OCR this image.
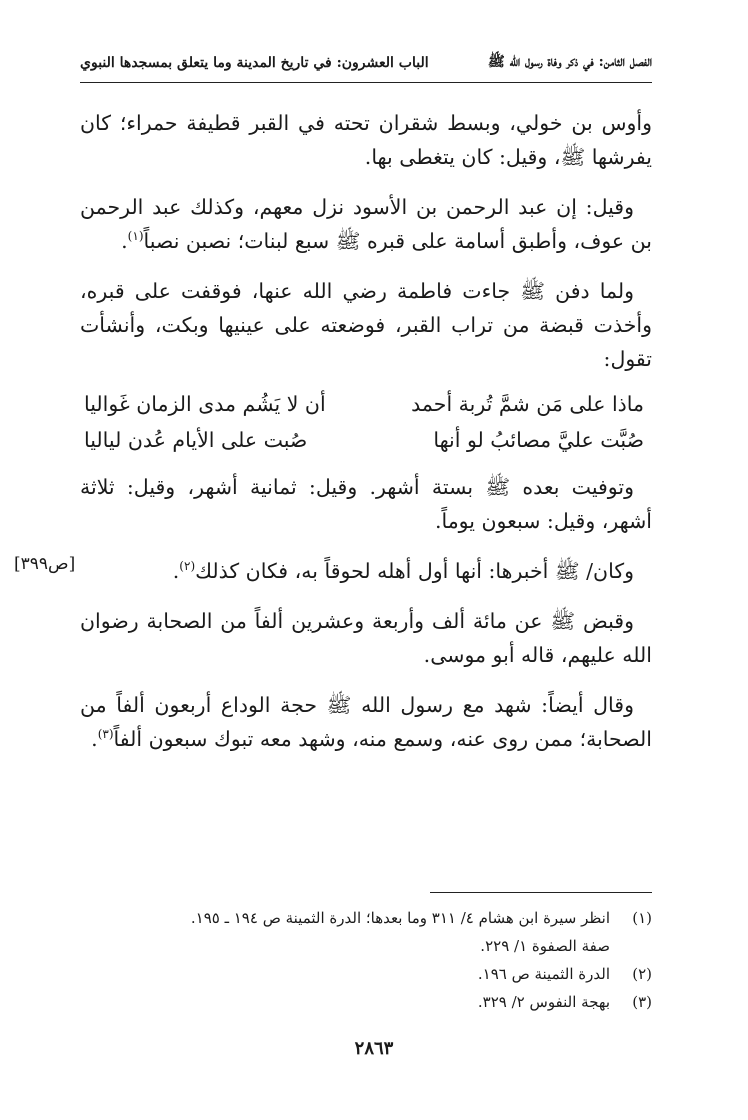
الفصل الثامن: في ذكر وفاة رسول الله ﷺ
الباب العشرون: في تاريخ المدينة وما يتعلق بمسجدها النبوي

وأوس بن خولي، وبسط شقران تحته في القبر قطيفة حمراء؛ كان يفرشها ﷺ، وقيل: كان يتغطى بها.

وقيل: إن عبد الرحمن بن الأسود نزل معهم، وكذلك عبد الرحمن بن عوف، وأطبق أسامة على قبره ﷺ سبع لبنات؛ نصبن نصباً$^{(١)}$.

ولما دفن ﷺ جاءت فاطمة رضي الله عنها، فوقفت على قبره، وأخذت قبضة من تراب القبر، فوضعته على عينيها وبكت، وأنشأت تقول:

ماذا على مَن شمَّ تُربة أحمد
أن لا يَشُم مدى الزمان غَواليا
صُبَّت عليَّ مصائبُ لو أنها
صُبت على الأيام عُدن لياليا

وتوفيت بعده ﷺ بستة أشهر. وقيل: ثمانية أشهر، وقيل: ثلاثة أشهر، وقيل: سبعون يوماً.

[ص٣٩٩]	وكان/ ﷺ أخبرها: أنها أول أهله لحوقاً به، فكان كذلك$^{(٢)}$.

وقبض ﷺ عن مائة ألف وأربعة وعشرين ألفاً من الصحابة رضوان الله عليهم، قاله أبو موسى.

وقال أيضاً: شهد مع رسول الله ﷺ حجة الوداع أربعون ألفاً من الصحابة؛ ممن روى عنه، وسمع منه، وشهد معه تبوك سبعون ألفاً$^{(٣)}$.

(١)
انظر سيرة ابن هشام ٤/ ٣١١ وما بعدها؛ الدرة الثمينة ص ١٩٤ ـ ١٩٥.
صفة الصفوة ١/ ٢٢٩.
(٢)
الدرة الثمينة ص ١٩٦.
(٣)
بهجة النفوس ٢/ ٣٢٩.
٢٨٦٣
